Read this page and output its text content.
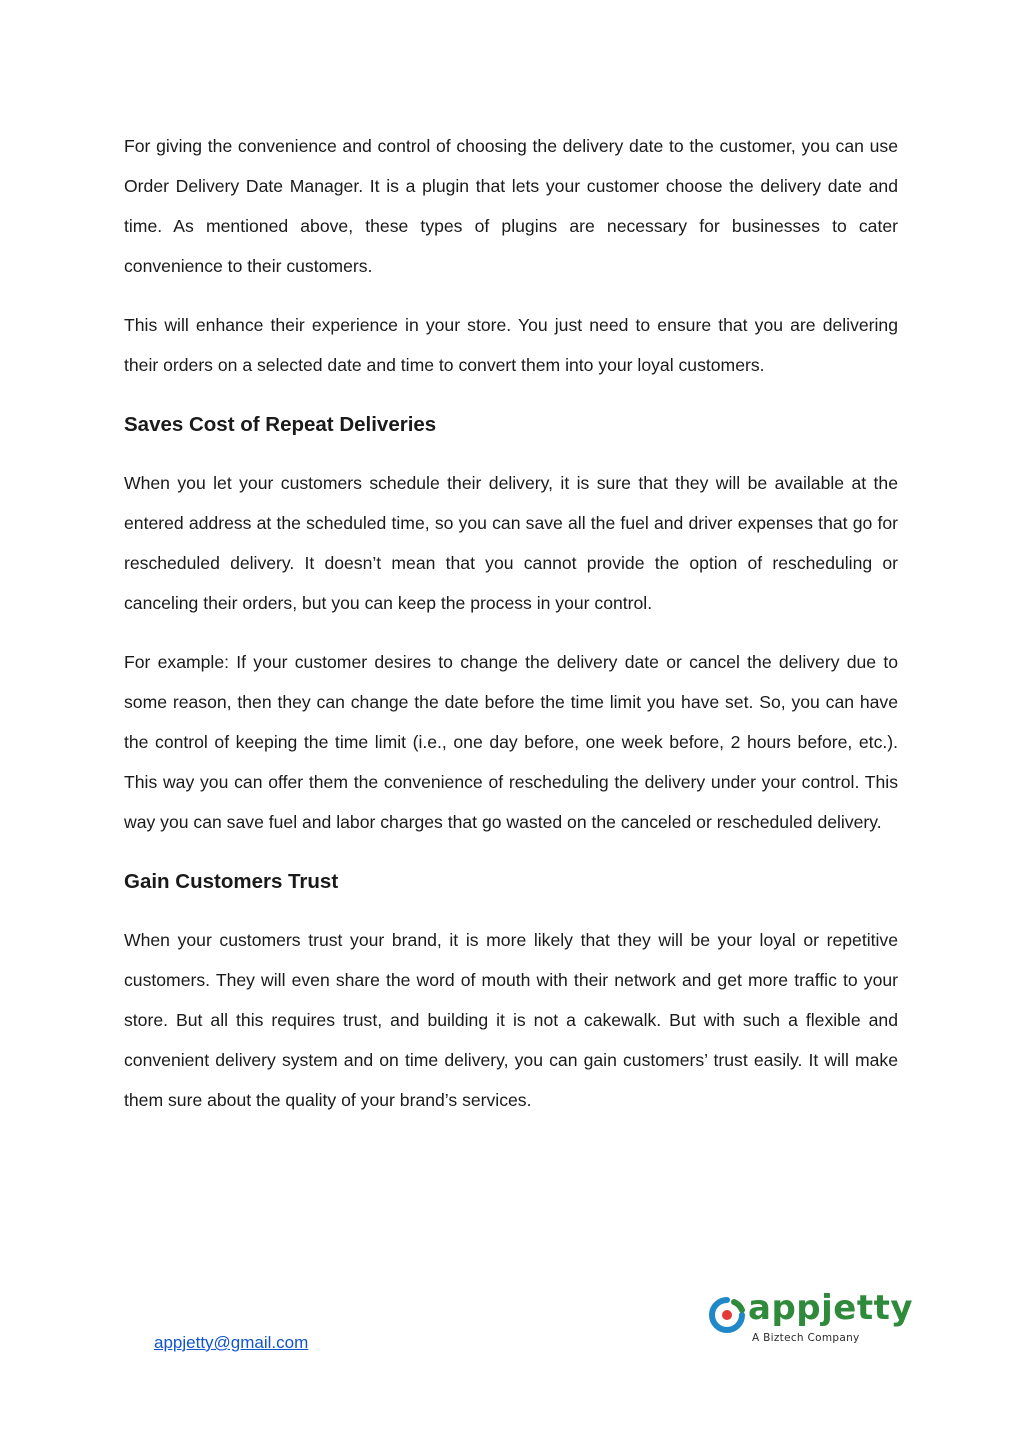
For giving the convenience and control of choosing the delivery date to the customer, you can use Order Delivery Date Manager. It is a plugin that lets your customer choose the delivery date and time. As mentioned above, these types of plugins are necessary for businesses to cater convenience to their customers.

This will enhance their experience in your store. You just need to ensure that you are delivering their orders on a selected date and time to convert them into your loyal customers.

Saves Cost of Repeat Deliveries

When you let your customers schedule their delivery, it is sure that they will be available at the entered address at the scheduled time, so you can save all the fuel and driver expenses that go for rescheduled delivery. It doesn’t mean that you cannot provide the option of rescheduling or canceling their orders, but you can keep the process in your control.

For example: If your customer desires to change the delivery date or cancel the delivery due to some reason, then they can change the date before the time limit you have set. So, you can have the control of keeping the time limit (i.e., one day before, one week before, 2 hours before, etc.). This way you can offer them the convenience of rescheduling the delivery under your control. This way you can save fuel and labor charges that go wasted on the canceled or rescheduled delivery.

Gain Customers Trust

When your customers trust your brand, it is more likely that they will be your loyal or repetitive customers. They will even share the word of mouth with their network and get more traffic to your store. But all this requires trust, and building it is not a cakewalk. But with such a flexible and convenient delivery system and on time delivery, you can gain customers’ trust easily. It will make them sure about the quality of your brand’s services.

appjetty@gmail.com
appjetty
A Biztech Company
